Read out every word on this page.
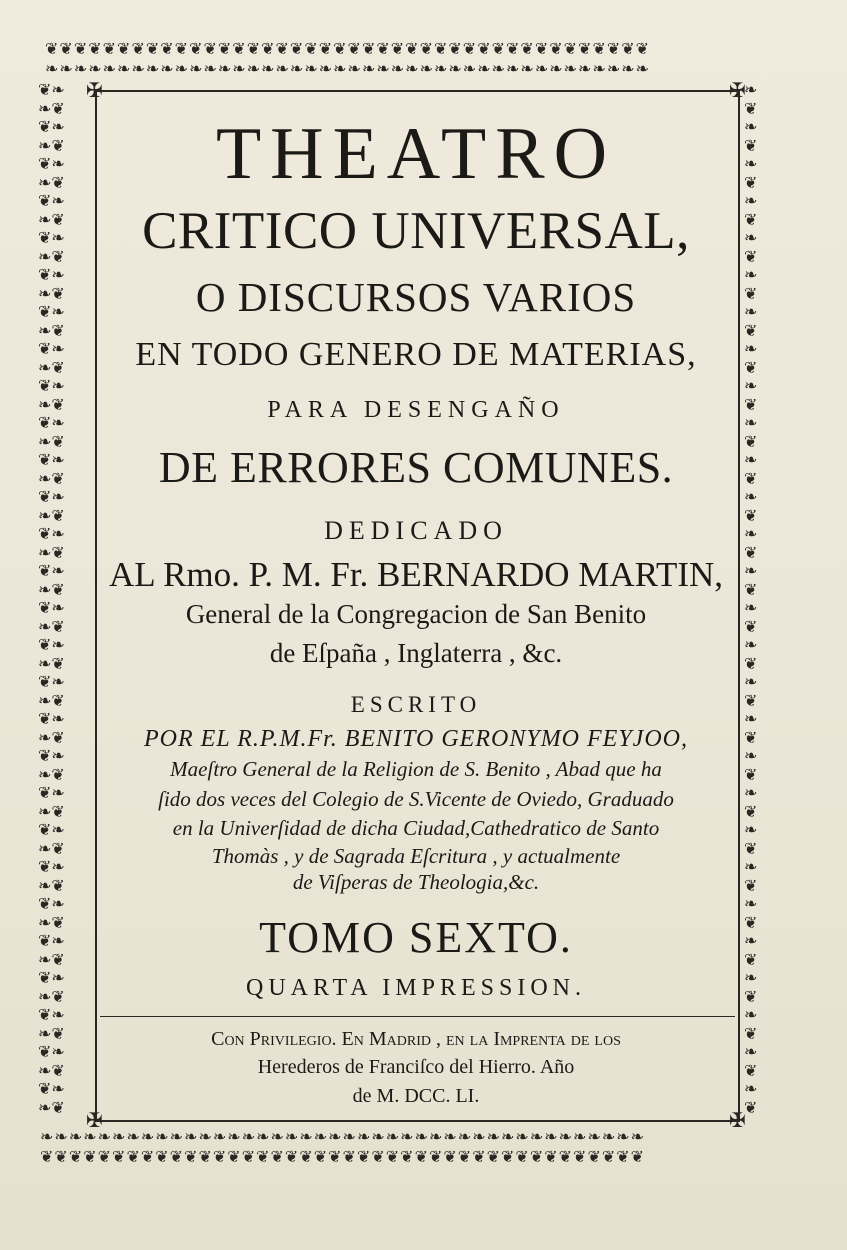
❦❦❦❦❦❦❦❦❦❦❦❦❦❦❦❦❦❦❦❦❦❦❦❦❦❦❦❦❦❦❦❦❦❦❦❦❦❦❦❦❦❦
❧❧❧❧❧❧❧❧❧❧❧❧❧❧❧❧❧❧❧❧❧❧❧❧❧❧❧❧❧❧❧❧❧❧❧❧❧❧❧❧❧❧
❧❧❧❧❧❧❧❧❧❧❧❧❧❧❧❧❧❧❧❧❧❧❧❧❧❧❧❧❧❧❧❧❧❧❧❧❧❧❧❧❧❧
❦❦❦❦❦❦❦❦❦❦❦❦❦❦❦❦❦❦❦❦❦❦❦❦❦❦❦❦❦❦❦❦❦❦❦❦❦❦❦❦❦❦
❦❧
❧❦
❦❧
❧❦
❦❧
❧❦
❦❧
❧❦
❦❧
❧❦
❦❧
❧❦
❦❧
❧❦
❦❧
❧❦
❦❧
❧❦
❦❧
❧❦
❦❧
❧❦
❦❧
❧❦
❦❧
❧❦
❦❧
❧❦
❦❧
❧❦
❦❧
❧❦
❦❧
❧❦
❦❧
❧❦
❦❧
❧❦
❦❧
❧❦
❦❧
❧❦
❦❧
❧❦
❦❧
❧❦
❦❧
❧❦
❦❧
❧❦
❦❧
❧❦
❦❧
❧❦
❦❧
❧❦

❧
❦
❧
❦
❧
❦
❧
❦
❧
❦
❧
❦
❧
❦
❧
❦
❧
❦
❧
❦
❧
❦
❧
❦
❧
❦
❧
❦
❧
❦
❧
❦
❧
❦
❧
❦
❧
❦
❧
❦
❧
❦
❧
❦
❧
❦
❧
❦
❧
❦
❧
❦
❧
❦
❧
❦

✠	✠
✠	✠
THEATRO
CRITICO UNIVERSAL,
O DISCURSOS VARIOS
EN TODO GENERO DE MATERIAS,
PARA DESENGAÑO
DE ERRORES COMUNES.
DEDICADO
AL Rmo. P. M. Fr. BERNARDO MARTIN,
General de la Congregacion de San Benito
de Eſpaña , Inglaterra , &c.
ESCRITO
POR EL R.P.M.Fr. BENITO GERONYMO FEYJOO,
Maeſtro General de la Religion de S. Benito , Abad que ha
ſido dos veces del Colegio de S.Vicente de Oviedo, Graduado
en la Univerſidad de dicha Ciudad,Cathedratico de Santo
Thomàs , y de Sagrada Eſcritura , y actualmente
de Viſperas de Theologia,&c.
TOMO SEXTO.
QUARTA IMPRESSION.
Con Privilegio. En Madrid , en la Imprenta de los
Herederos de Franciſco del Hierro. Año
de M. DCC. LI.
